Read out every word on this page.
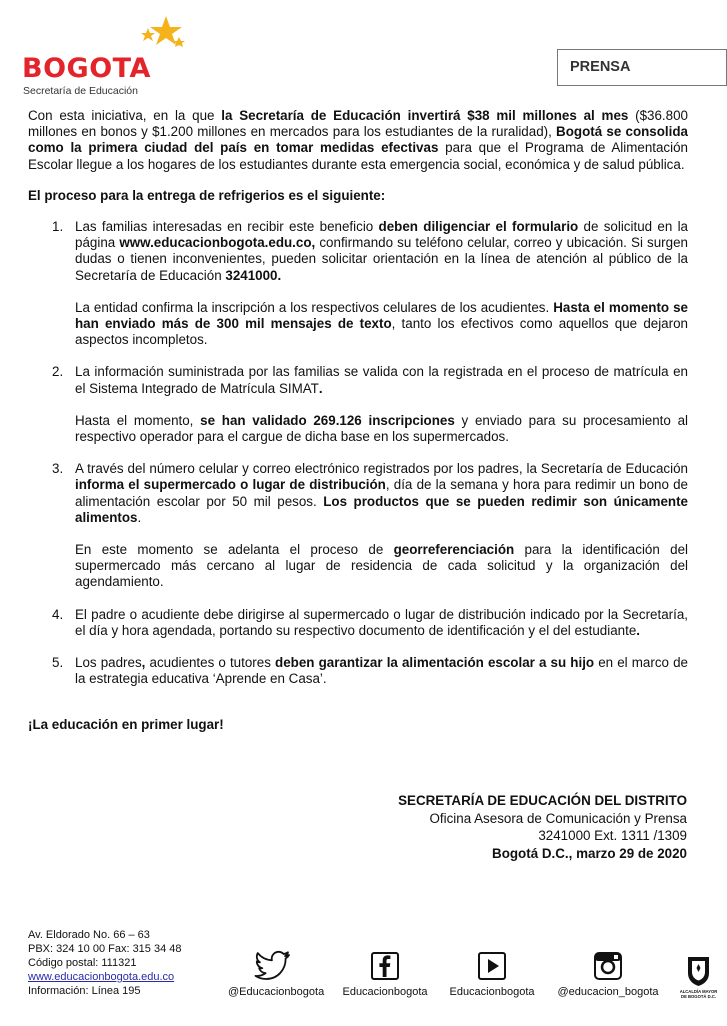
BOGOTA
Secretaría de Educación
PRENSA

Con esta iniciativa, en la que la Secretaría de Educación invertirá $38 mil millones al mes ($36.800 millones en bonos y $1.200 millones en mercados para los estudiantes de la ruralidad), Bogotá se consolida como la primera ciudad del país en tomar medidas efectivas para que el Programa de Alimentación Escolar llegue a los hogares de los estudiantes durante esta emergencia social, económica y de salud pública.

El proceso para la entrega de refrigerios es el siguiente:

1. Las familias interesadas en recibir este beneficio deben diligenciar el formulario de solicitud en la página www.educacionbogota.edu.co, confirmando su teléfono celular, correo y ubicación. Si surgen dudas o tienen inconvenientes, pueden solicitar orientación en la línea de atención al público de la Secretaría de Educación 3241000.

La entidad confirma la inscripción a los respectivos celulares de los acudientes. Hasta el momento se han enviado más de 300 mil mensajes de texto, tanto los efectivos como aquellos que dejaron aspectos incompletos.

2. La información suministrada por las familias se valida con la registrada en el proceso de matrícula en el Sistema Integrado de Matrícula SIMAT.

Hasta el momento, se han validado 269.126 inscripciones y enviado para su procesamiento al respectivo operador para el cargue de dicha base en los supermercados.

3. A través del número celular y correo electrónico registrados por los padres, la Secretaría de Educación informa el supermercado o lugar de distribución, día de la semana y hora para redimir un bono de alimentación escolar por 50 mil pesos. Los productos que se pueden redimir son únicamente alimentos.

En este momento se adelanta el proceso de georreferenciación para la identificación del supermercado más cercano al lugar de residencia de cada solicitud y la organización del agendamiento.

4. El padre o acudiente debe dirigirse al supermercado o lugar de distribución indicado por la Secretaría, el día y hora agendada, portando su respectivo documento de identificación y el del estudiante.

5. Los padres, acudientes o tutores deben garantizar la alimentación escolar a su hijo en el marco de la estrategia educativa ‘Aprende en Casa’.

¡La educación en primer lugar!

SECRETARÍA DE EDUCACIÓN DEL DISTRITO
Oficina Asesora de Comunicación y Prensa
3241000 Ext. 1311 /1309
Bogotá D.C., marzo 29 de 2020
Av. Eldorado No. 66 – 63
PBX: 324 10 00 Fax: 315 34 48
Código postal: 111321
www.educacionbogota.edu.co
Información: Línea 195	@Educacionbogota Educacionbogota Educacionbogota @educacion_bogota	ALCALDÍA MAYOR
DE BOGOTÁ D.C.
